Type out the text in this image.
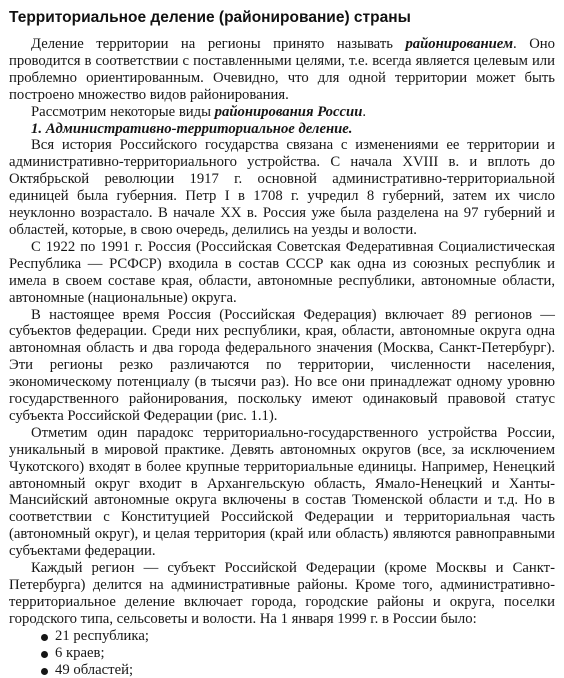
Территориальное деление (районирование) страны

Деление территории на регионы принято называть районированием. Оно проводится в соответствии с поставленными целями, т.е. всегда является целевым или проблемно ориентированным. Очевидно, что для одной территории может быть построено множество видов районирования.

Рассмотрим некоторые виды районирования России.

1. Административно-территориальное деление.

Вся история Российского государства связана с изменениями ее территории и административно-территориального устройства. С начала XVIII в. и вплоть до Октябрьской революции 1917 г. основной административно-территориальной единицей была губерния. Петр I в 1708 г. учредил 8 губерний, затем их число неуклонно возрастало. В начале XX в. Россия уже была разделена на 97 губерний и областей, которые, в свою очередь, делились на уезды и волости.

С 1922 по 1991 г. Россия (Российская Советская Федеративная Социалистическая Республика — РСФСР) входила в состав СССР как одна из союзных республик и имела в своем составе края, области, автономные республики, автономные области, автономные (национальные) округа.

В настоящее время Россия (Российская Федерация) включает 89 регионов — субъектов федерации. Среди них республики, края, области, автономные округа одна автономная область и два города федерального значения (Москва, Санкт-Петербург). Эти регионы резко различаются по территории, численности населения, экономическому потенциалу (в тысячи раз). Но все они принадлежат одному уровню государственного районирования, поскольку имеют одинаковый правовой статус субъекта Российской Федерации (рис. 1.1).

Отметим один парадокс территориально-государственного устройства России, уникальный в мировой практике. Девять автономных округов (все, за исключением Чукотского) входят в более крупные территориальные единицы. Например, Ненецкий автономный округ входит в Архангельскую область, Ямало-Ненецкий и Ханты-Мансийский автономные округа включены в состав Тюменской области и т.д. Но в соответствии с Конституцией Российской Федерации и территориальная часть (автономный округ), и целая территория (край или область) являются равноправными субъектами федерации.

Каждый регион — субъект Российской Федерации (кроме Москвы и Санкт-Петербурга) делится на административные районы. Кроме того, административно-территориальное деление включает города, городские районы и округа, поселки городского типа, сельсоветы и волости. На 1 января 1999 г. в России было:

21 республика;
6 краев;
49 областей;
